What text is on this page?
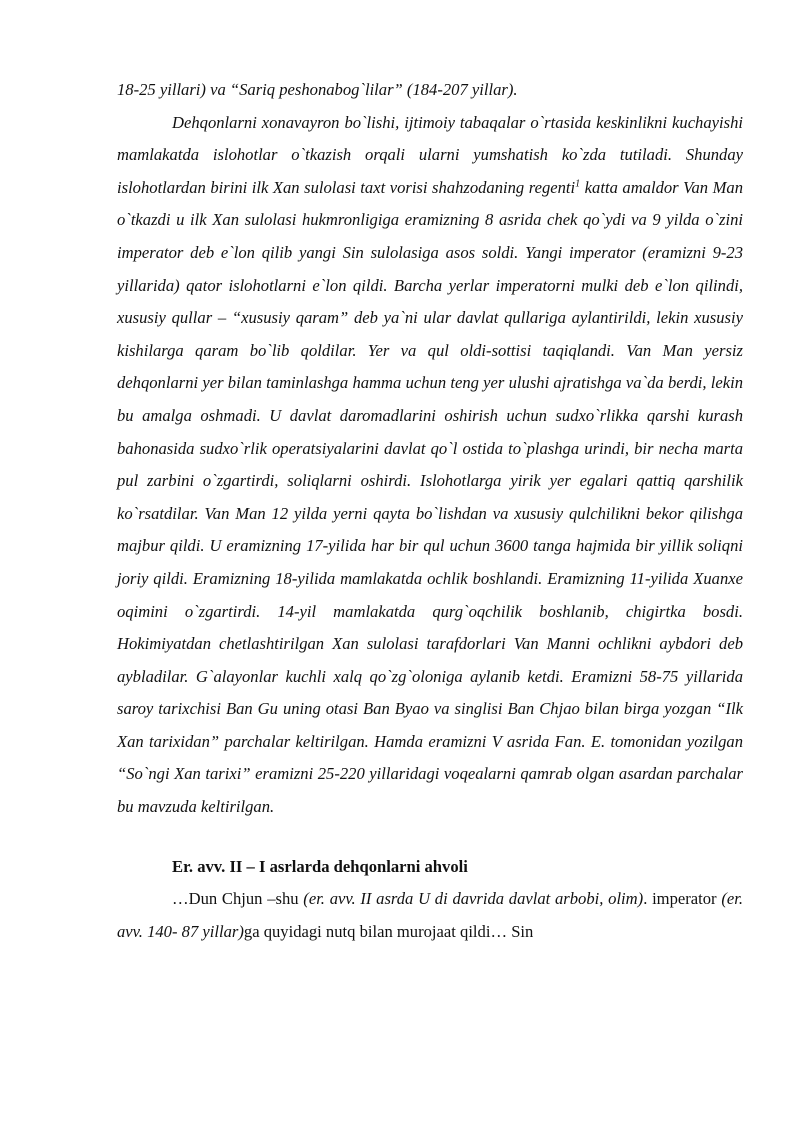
18-25 yillari) va “Sariq peshonabog`lilar” (184-207 yillar).

Dehqonlarni xonavayron bo`lishi, ijtimoiy tabaqalar o`rtasida keskinlikni kuchayishi mamlakatda islohotlar o`tkazish orqali ularni yumshatish ko`zda tutiladi. Shunday islohotlardan birini ilk Xan sulolasi taxt vorisi shahzodaning regenti$^1$ katta amaldor Van Man o`tkazdi u ilk Xan sulolasi hukmronligiga eramizning 8 asrida chek qo`ydi va 9 yilda o`zini imperator deb e`lon qilib yangi Sin sulolasiga asos soldi. Yangi imperator (eramizni 9-23 yillarida) qator islohotlarni e`lon qildi. Barcha yerlar imperatorni mulki deb e`lon qilindi, xususiy qullar – “xususiy qaram” deb ya`ni ular davlat qullariga aylantirildi, lekin xususiy kishilarga qaram bo`lib qoldilar. Yer va qul oldi-sottisi taqiqlandi. Van Man yersiz dehqonlarni yer bilan taminlashga hamma uchun teng yer ulushi ajratishga va`da berdi, lekin bu amalga oshmadi. U davlat daromadlarini oshirish uchun sudxo`rlikka qarshi kurash bahonasida sudxo`rlik operatsiyalarini davlat qo`l ostida to`plashga urindi, bir necha marta pul zarbini o`zgartirdi, soliqlarni oshirdi. Islohotlarga yirik yer egalari qattiq qarshilik ko`rsatdilar. Van Man 12 yilda yerni qayta bo`lishdan va xususiy qulchilikni bekor qilishga majbur qildi. U eramizning 17-yilida har bir qul uchun 3600 tanga hajmida bir yillik soliqni joriy qildi. Eramizning 18-yilida mamlakatda ochlik boshlandi. Eramizning 11-yilida Xuanxe oqimini o`zgartirdi. 14-yil mamlakatda qurg`oqchilik boshlanib, chigirtka bosdi. Hokimiyatdan chetlashtirilgan Xan sulolasi tarafdorlari Van Manni ochlikni aybdori deb aybladilar. G`alayonlar kuchli xalq qo`zg`oloniga aylanib ketdi. Eramizni 58-75 yillarida saroy tarixchisi Ban Gu uning otasi Ban Byao va singlisi Ban Chjao bilan birga yozgan “Ilk Xan tarixidan” parchalar keltirilgan. Hamda eramizni V asrida Fan. E. tomonidan yozilgan “So`ngi Xan tarixi” eramizni 25-220 yillaridagi voqealarni qamrab olgan asardan parchalar bu mavzuda keltirilgan.

Er. avv. II – I asrlarda dehqonlarni ahvoli

…Dun Chjun –shu (er. avv. II asrda U di davrida davlat arbobi, olim). imperator (er. avv. 140- 87 yillar)ga quyidagi nutq bilan murojaat qildi… Sin
